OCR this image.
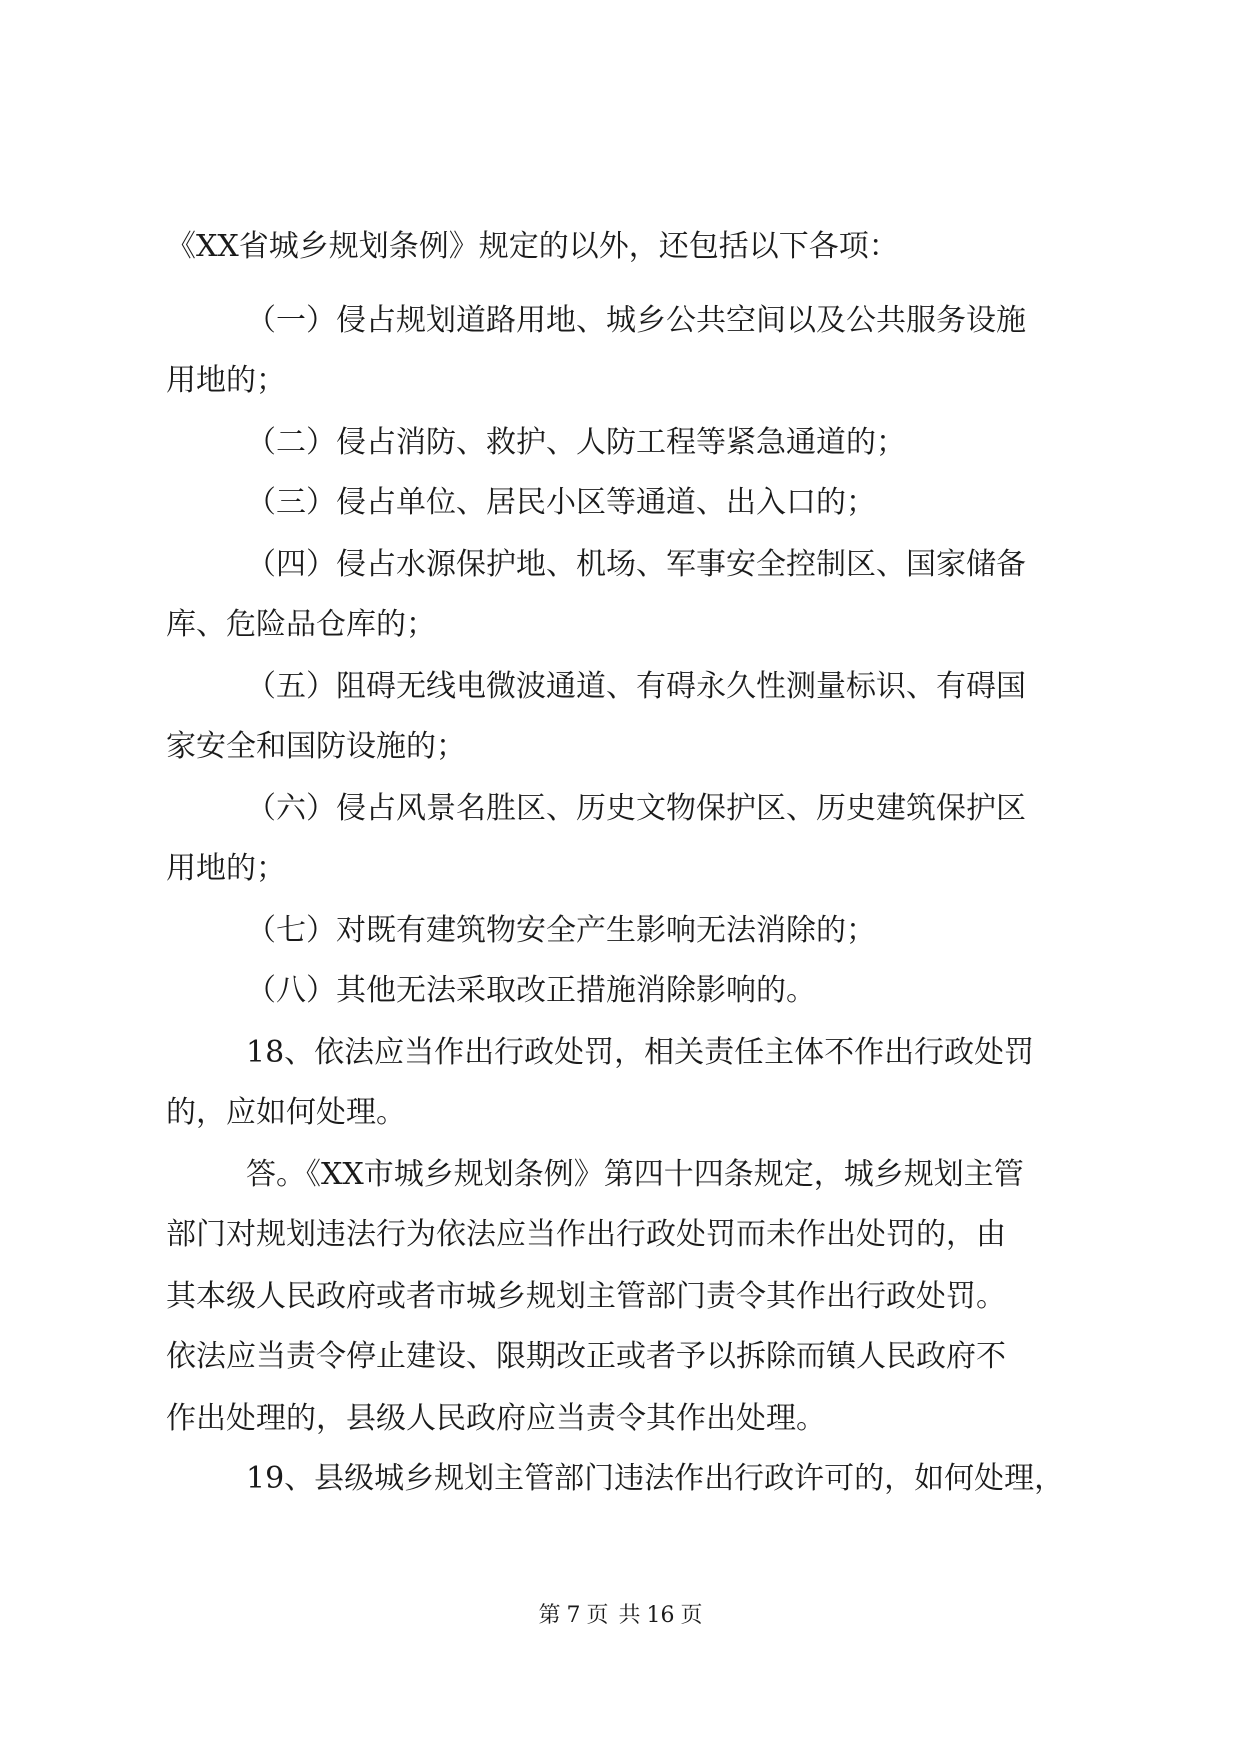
《XX省城乡规划条例》规定的以外，还包括以下各项：
（一）侵占规划道路用地、城乡公共空间以及公共服务设施
用地的；
（二）侵占消防、救护、人防工程等紧急通道的；
（三）侵占单位、居民小区等通道、出入口的；
（四）侵占水源保护地、机场、军事安全控制区、国家储备
库、危险品仓库的；
（五）阻碍无线电微波通道、有碍永久性测量标识、有碍国
家安全和国防设施的；
（六）侵占风景名胜区、历史文物保护区、历史建筑保护区
用地的；
（七）对既有建筑物安全产生影响无法消除的；
（八）其他无法采取改正措施消除影响的。
18、依法应当作出行政处罚，相关责任主体不作出行政处罚
的，应如何处理。
答。《XX市城乡规划条例》第四十四条规定，城乡规划主管
部门对规划违法行为依法应当作出行政处罚而未作出处罚的，由
其本级人民政府或者市城乡规划主管部门责令其作出行政处罚。
依法应当责令停止建设、限期改正或者予以拆除而镇人民政府不
作出处理的，县级人民政府应当责令其作出处理。
19、县级城乡规划主管部门违法作出行政许可的，如何处理，
第 7 页 共 16 页
